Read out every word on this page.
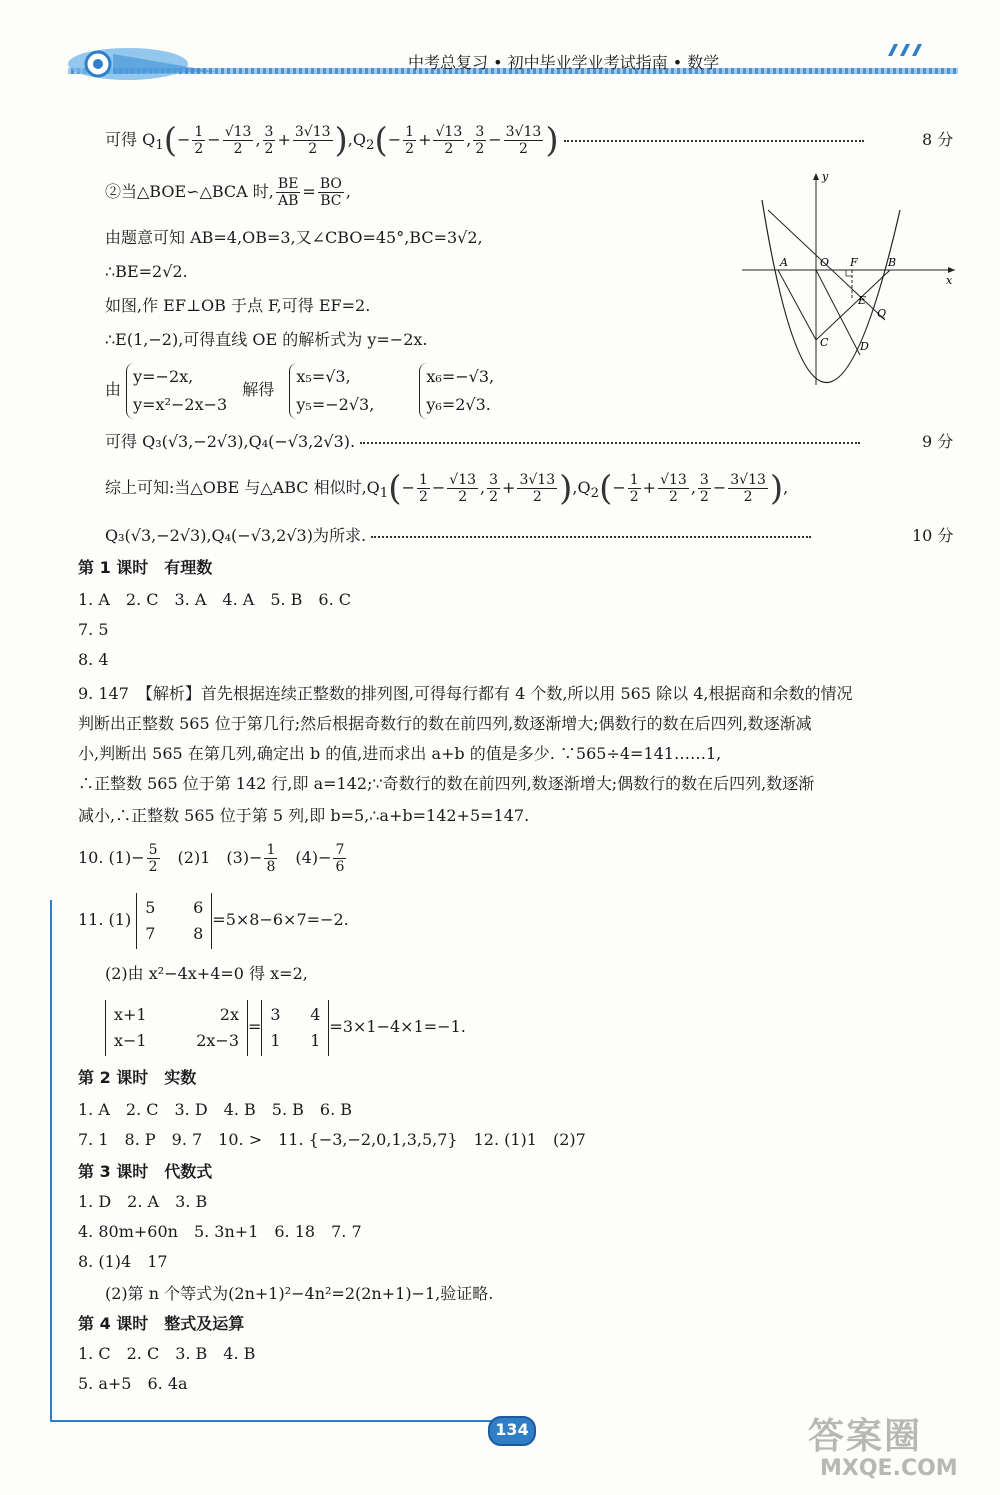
中考总复习 • 初中毕业学业考试指南 • 数学
可得 $Q_1(- \frac{1}{2} - \frac{√13}{2}$ , $\frac{3}{2} + \frac{3√13}{2} ),Q_2(- \frac{1}{2} + \frac{√13}{2}$ , $\frac{3}{2} - \frac{3√13}{2}$ )	8 分
②当△BOE∽△BCA 时, $\frac{BE}{AB} = \frac{BO}{BC}$ ,
由题意可知 AB=4,OB=3,又∠CBO=45°,BC=3√2,
∴BE=2√2.
如图,作 EF⊥OB 于点 F,可得 EF=2.
∴E(1,−2),可得直线 OE 的解析式为 y=−2x.
由
y=−2x,
y=x²−2x−3
解得
x₅=√3,
y₅=−2√3,

x₆=−√3,
y₆=2√3.
可得 Q₃(√3,−2√3),Q₄(−√3,2√3).	9 分
综上可知:当△OBE 与△ABC 相似时$,Q_1(- \frac{1}{2} - \frac{√13}{2}$ , $\frac{3}{2} + \frac{3√13}{2} ),Q_2(- \frac{1}{2} + \frac{√13}{2}$ , $\frac{3}{2} - \frac{3√13}{2}$ ),
Q₃(√3,−2√3),Q₄(−√3,2√3)为所求.	10 分
y
x
A	O F	B
E
Q
C	D
第 1 课时　有理数
1. A　2. C　3. A　4. A　5. B　6. C
7. 5
8. 4
9. 147　【解析】首先根据连续正整数的排列图,可得每行都有 4 个数,所以用 565 除以 4,根据商和余数的情况
判断出正整数 565 位于第几行;然后根据奇数行的数在前四列,数逐渐增大;偶数行的数在后四列,数逐渐减
小,判断出 565 在第几列,确定出 b 的值,进而求出 a+b 的值是多少. ∵565÷4=141……1,
∴正整数 565 位于第 142 行,即 a=142;∵奇数行的数在前四列,数逐渐增大;偶数行的数在后四列,数逐渐
减小,∴正整数 565 位于第 5 列,即 b=5,∴a+b=142+5=147.
10. $(1)- \frac{5}{2}$
　 (2)1　$(3)- \frac{1}{8}$
　 $(4)- \frac{7}{6}$
11. (1)
5 6
7 8
=5×8−6×7=−2.
(2)由 x²−4x+4=0 得 x=2,
x+1	2x
x−1	2x−3
=
3 4
1 1
=3×1−4×1=−1.
第 2 课时　实数
1. A　2. C　3. D　4. B　5. B　6. B
7. 1　8. P　9. 7　10. >　11. {−3,−2,0,1,3,5,7}　12. (1)1　(2)7
第 3 课时　代数式
1. D　2. A　3. B
4. 80m+60n　5. 3n+1　6. 18　7. 7
8. (1)4　17
(2)第 n 个等式为(2n+1)²−4n²=2(2n+1)−1,验证略.
第 4 课时　整式及运算
1. C　2. C　3. B　4. B
5. a+5　6. 4a
134	答案圈
MXQE.COM
